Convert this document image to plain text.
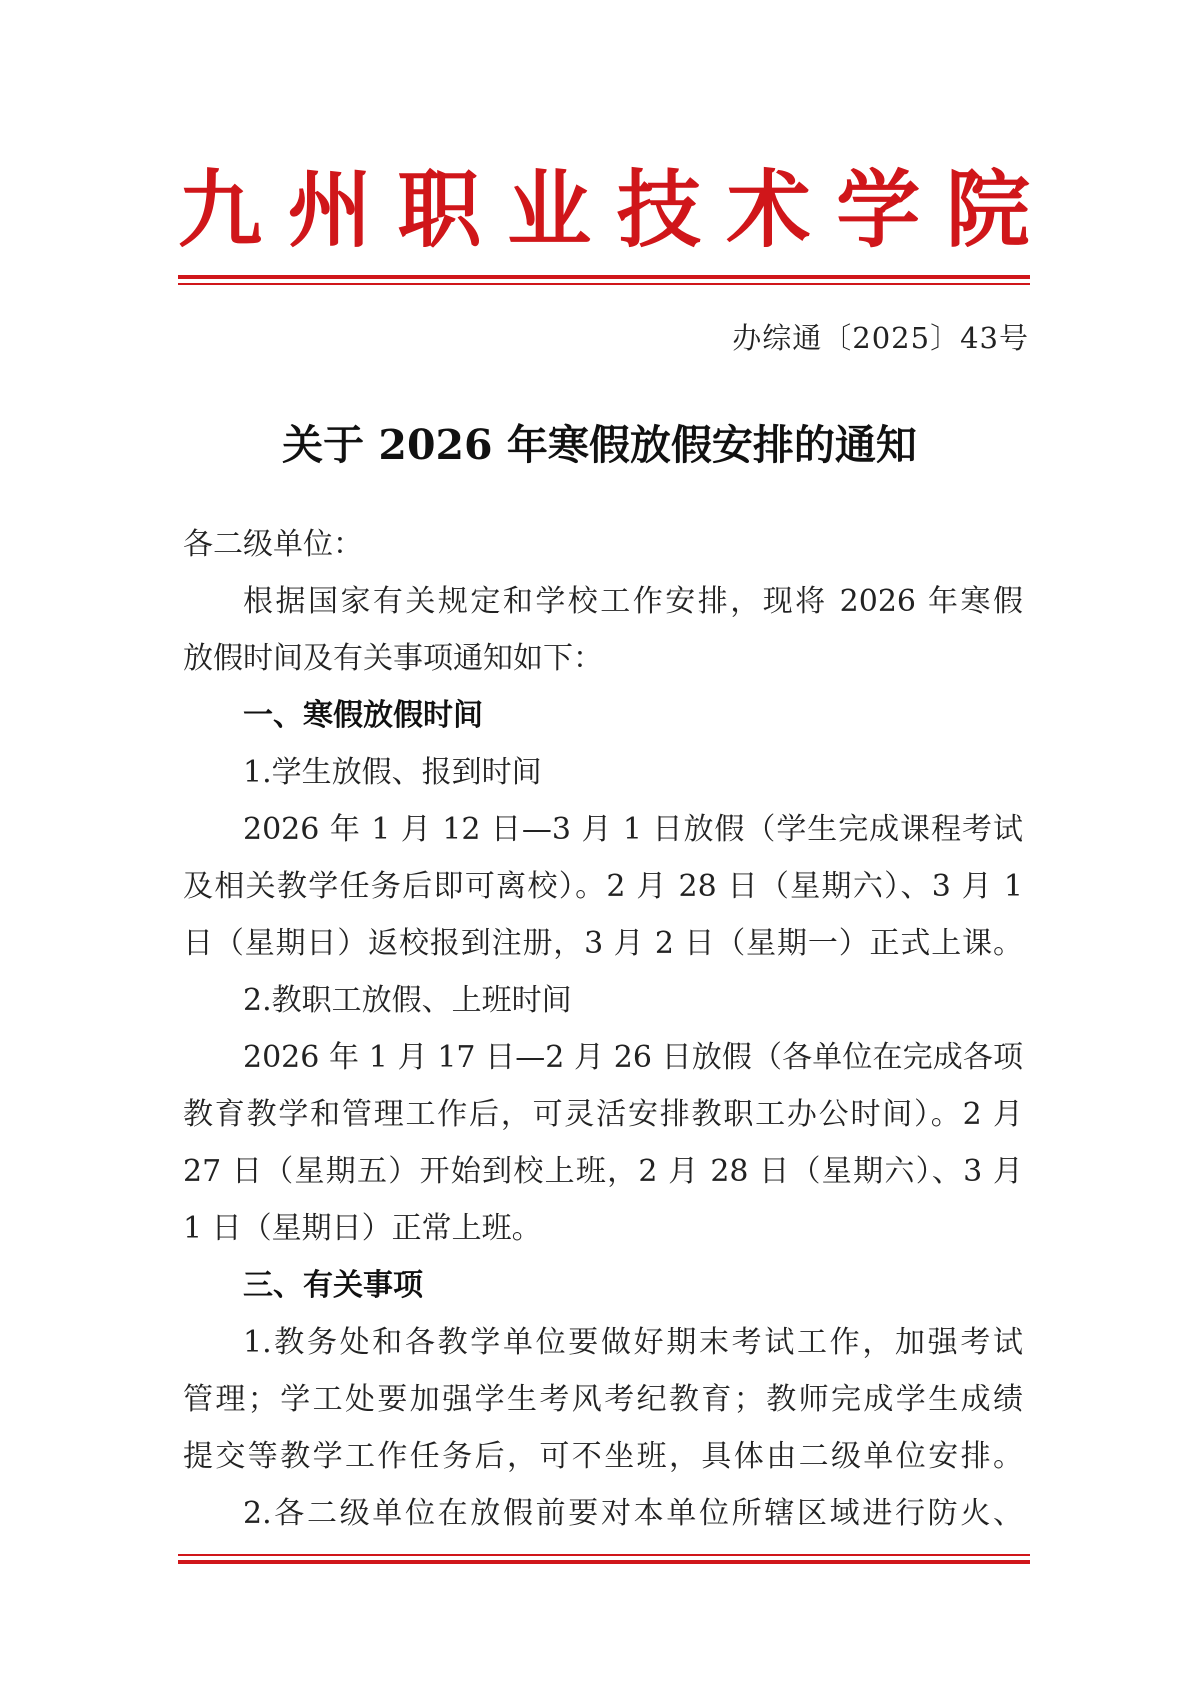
九 州 职 业 技 术 学 院
办综通〔2025〕43号
关于 2026 年寒假放假安排的通知
各二级单位：
根据国家有关规定和学校工作安排，现将 2026 年寒假
放假时间及有关事项通知如下：
一、寒假放假时间
1.学生放假、报到时间
2026 年 1 月 12 日—3 月 1 日放假（学生完成课程考试
及相关教学任务后即可离校）。2 月 28 日（星期六）、3 月 1
日（星期日）返校报到注册，3 月 2 日（星期一）正式上课。
2.教职工放假、上班时间
2026 年 1 月 17 日—2 月 26 日放假（各单位在完成各项
教育教学和管理工作后，可灵活安排教职工办公时间）。2 月
27 日（星期五）开始到校上班，2 月 28 日（星期六）、3 月
1 日（星期日）正常上班。
三、有关事项
1.教务处和各教学单位要做好期末考试工作，加强考试
管理；学工处要加强学生考风考纪教育；教师完成学生成绩
提交等教学工作任务后，可不坐班，具体由二级单位安排。
2.各二级单位在放假前要对本单位所辖区域进行防火、
